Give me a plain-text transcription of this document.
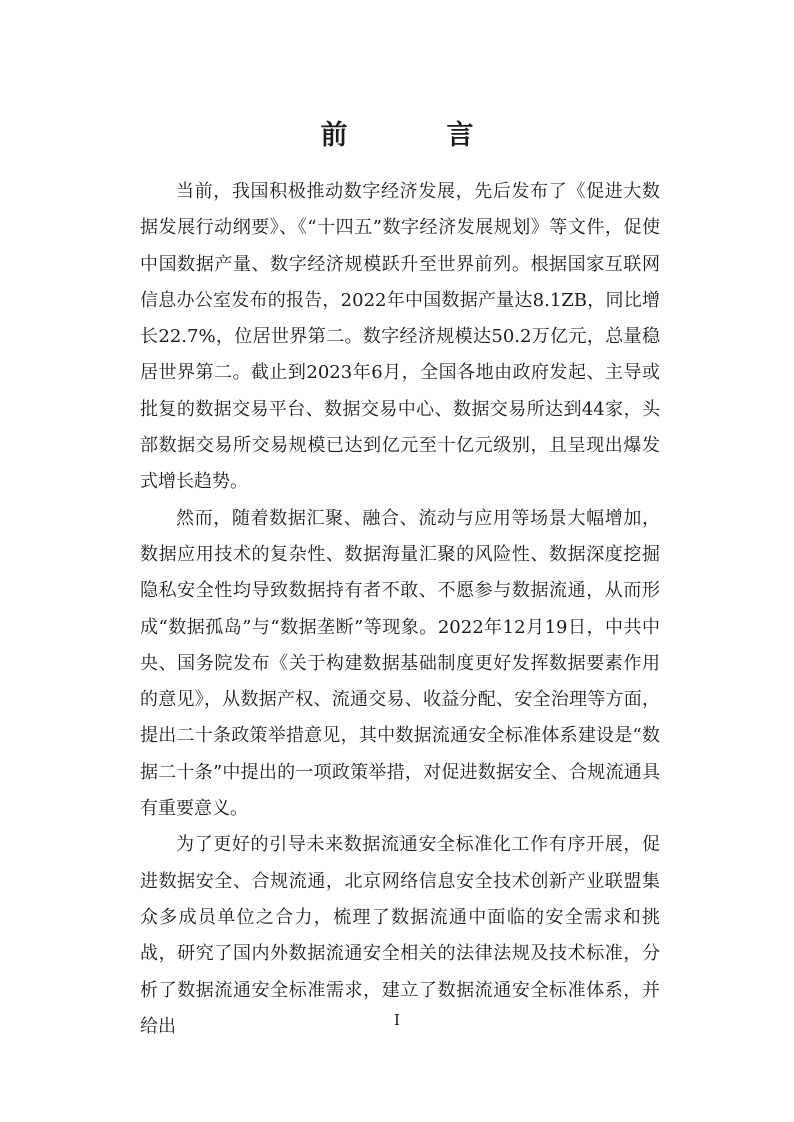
前　言

当前，我国积极推动数字经济发展，先后发布了《促进大数据发展行动纲要》、《“十四五”数字经济发展规划》等文件，促使中国数据产量、数字经济规模跃升至世界前列。根据国家互联网信息办公室发布的报告，2022年中国数据产量达8.1ZB，同比增长22.7%，位居世界第二。数字经济规模达50.2万亿元，总量稳居世界第二。截止到2023年6月，全国各地由政府发起、主导或批复的数据交易平台、数据交易中心、数据交易所达到44家，头部数据交易所交易规模已达到亿元至十亿元级别，且呈现出爆发式增长趋势。

然而，随着数据汇聚、融合、流动与应用等场景大幅增加，数据应用技术的复杂性、数据海量汇聚的风险性、数据深度挖掘隐私安全性均导致数据持有者不敢、不愿参与数据流通，从而形成“数据孤岛”与“数据垄断”等现象。2022年12月19日，中共中央、国务院发布《关于构建数据基础制度更好发挥数据要素作用的意见》，从数据产权、流通交易、收益分配、安全治理等方面，提出二十条政策举措意见，其中数据流通安全标准体系建设是“数据二十条”中提出的一项政策举措，对促进数据安全、合规流通具有重要意义。

为了更好的引导未来数据流通安全标准化工作有序开展，促进数据安全、合规流通，北京网络信息安全技术创新产业联盟集众多成员单位之合力，梳理了数据流通中面临的安全需求和挑战，研究了国内外数据流通安全相关的法律法规及技术标准，分析了数据流通安全标准需求，建立了数据流通安全标准体系，并给出	I
